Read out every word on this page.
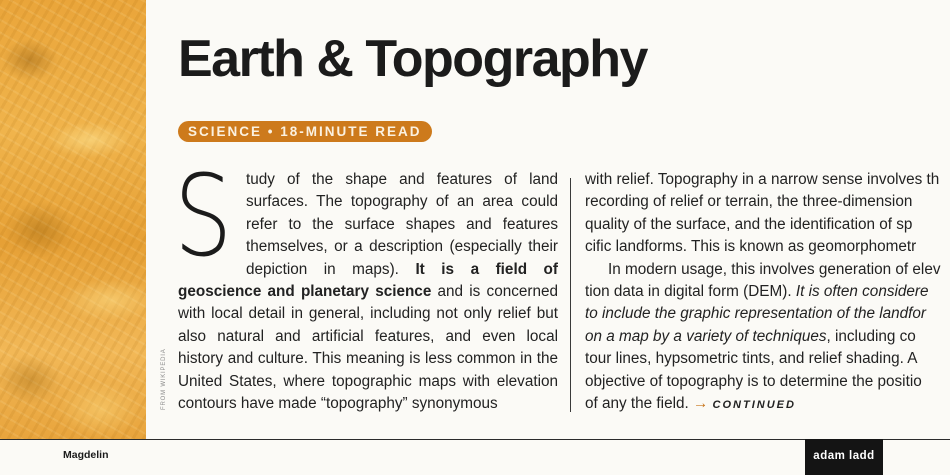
FROM WIKIPEDIA
Earth & Topography
SCIENCE • 18-MINUTE READ
S tudy of the shape and features of land surfaces. The topography of an area could refer to the surface shapes and features themselves, or a description (especially their depiction in maps). It is a field of geoscience and planetary science and is concerned with local detail in general, including not only relief but also natural and artificial features, and even local history and culture. This meaning is less common in the United States, where topographic maps with elevation contours have made “topography” synonymous

with relief. Topography in a narrow sense involves th
recording of relief or terrain, the three-dimension
quality of the surface, and the identification of sp
cific landforms. This is known as geomorphometr
In modern usage, this involves generation of elev
tion data in digital form (DEM). It is often considere
to include the graphic representation of the landfor
on a map by a variety of techniques, including co
tour lines, hypsometric tints, and relief shading. A
objective of topography is to determine the positio
of any the field. → CONTINUED
Magdelin	adam ladd
